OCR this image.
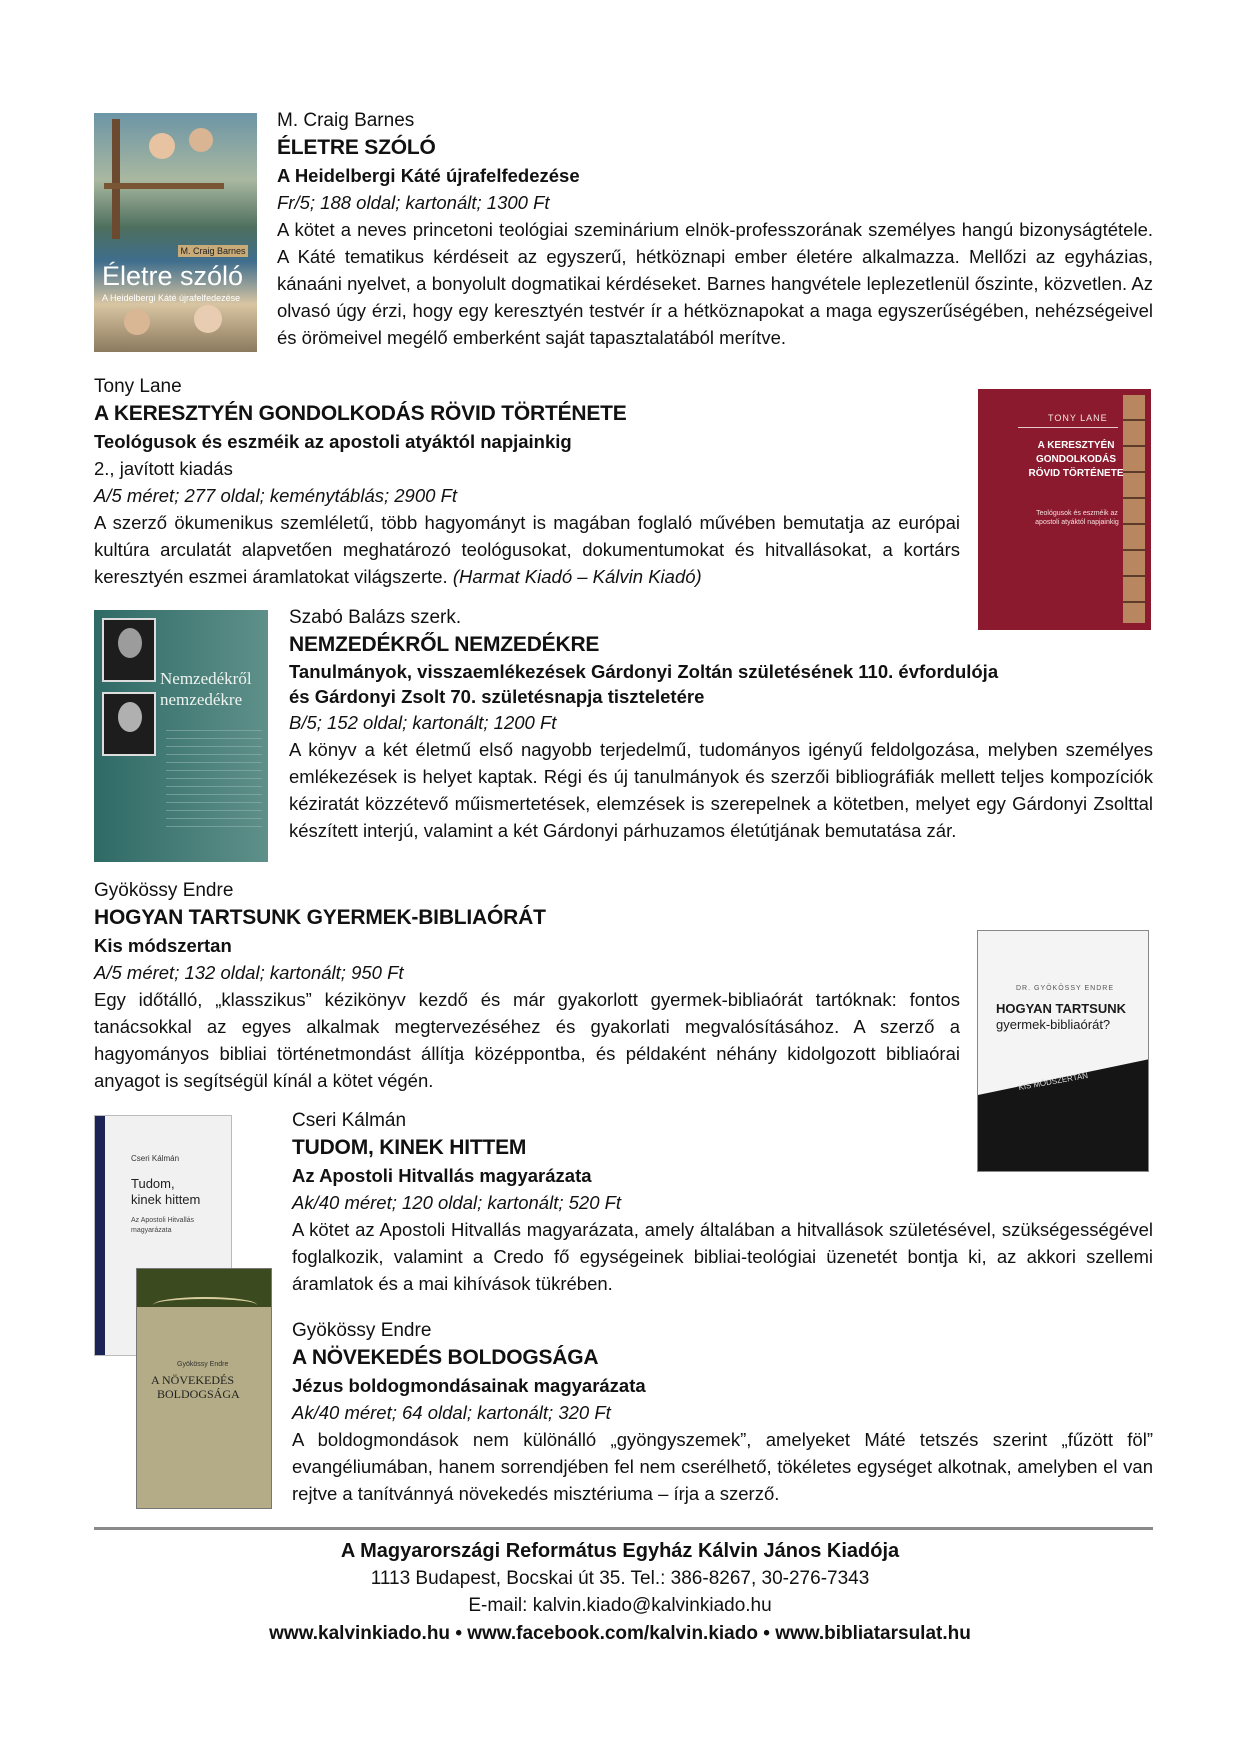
M. Craig Barnes
Életre szóló
A Heidelbergi Káté újrafelfedezése
M. Craig Barnes
ÉLETRE SZÓLÓ
A Heidelbergi Káté újrafelfedezése
Fr/5; 188 oldal; kartonált; 1300 Ft
A kötet a neves princetoni teológiai szeminárium elnök-professzorának személyes hangú bizonyságtétele. A Káté tematikus kérdéseit az egyszerű, hétköznapi ember életére alkalmazza. Mellőzi az egyházias, kánaáni nyelvet, a bonyolult dogmatikai kérdéseket. Barnes hangvétele leplezetlenül őszinte, közvetlen. Az olvasó úgy érzi, hogy egy keresztyén testvér ír a hétköznapokat a maga egyszerűségében, nehézségeivel és örömeivel megélő emberként saját tapasztalatából merítve.
Tony Lane
A KERESZTYÉN GONDOLKODÁS RÖVID TÖRTÉNETE
Teológusok és eszméik az apostoli atyáktól napjainkig
2., javított kiadás
A/5 méret; 277 oldal; keménytáblás; 2900 Ft
A szerző ökumenikus szemléletű, több hagyományt is magában foglaló művében bemutatja az európai kultúra arculatát alapvetően meghatározó teológusokat, dokumentumokat és hitvallásokat, a kortárs keresztyén eszmei áramlatokat világszerte. (Harmat Kiadó – Kálvin Kiadó)
TONY LANE
A KERESZTYÉN GONDOLKODÁS RÖVID TÖRTÉNETE
Teológusok és eszméik az apostoli atyáktól napjainkig
Nemzedékről nemzedékre
Szabó Balázs szerk.
NEMZEDÉKRŐL NEMZEDÉKRE
Tanulmányok, visszaemlékezések Gárdonyi Zoltán születésének 110. évfordulója és Gárdonyi Zsolt 70. születésnapja tiszteletére
B/5; 152 oldal; kartonált; 1200 Ft
A könyv a két életmű első nagyobb terjedelmű, tudományos igényű feldolgozása, melyben személyes emlékezések is helyet kaptak. Régi és új tanulmányok és szerzői bibliográfiák mellett teljes kompozíciók kéziratát közzétevő műismertetések, elemzések is szerepelnek a kötetben, melyet egy Gárdonyi Zsolttal készített interjú, valamint a két Gárdonyi párhuzamos életútjának bemutatása zár.
Gyökössy Endre
HOGYAN TARTSUNK GYERMEK-BIBLIAÓRÁT
Kis módszertan
A/5 méret; 132 oldal; kartonált; 950 Ft
Egy időtálló, „klasszikus” kézikönyv kezdő és már gyakorlott gyermek-bibliaórát tartóknak: fontos tanácsokkal az egyes alkalmak megtervezéséhez és gyakorlati megvalósításához. A szerző a hagyományos bibliai történetmondást állítja középpontba, és példaként néhány kidolgozott bibliaórai anyagot is segítségül kínál a kötet végén.
DR. GYÖKÖSSY ENDRE
HOGYAN TARTSUNK
gyermek-bibliaórát?
KIS MÓDSZERTAN
Cseri Kálmán
Tudom,
kinek hittem
Az Apostoli Hitvallás magyarázata
Gyökössy Endre
A NÖVEKEDÉS
BOLDOGSÁGA
Cseri Kálmán
TUDOM, KINEK HITTEM
Az Apostoli Hitvallás magyarázata
Ak/40 méret; 120 oldal; kartonált; 520 Ft
A kötet az Apostoli Hitvallás magyarázata, amely általában a hitvallások születésével, szükségességével foglalkozik, valamint a Credo fő egységeinek bibliai-teológiai üzenetét bontja ki, az akkori szellemi áramlatok és a mai kihívások tükrében.
Gyökössy Endre
A NÖVEKEDÉS BOLDOGSÁGA
Jézus boldogmondásainak magyarázata
Ak/40 méret; 64 oldal; kartonált; 320 Ft
A boldogmondások nem különálló „gyöngyszemek”, amelyeket Máté tetszés szerint „fűzött föl” evangéliumában, hanem sorrendjében fel nem cserélhető, tökéletes egységet alkotnak, amelyben el van rejtve a tanítvánnyá növekedés misztériuma – írja a szerző.
A Magyarországi Református Egyház Kálvin János Kiadója
1113 Budapest, Bocskai út 35. Tel.: 386-8267, 30-276-7343
E-mail: kalvin.kiado@kalvinkiado.hu
www.kalvinkiado.hu • www.facebook.com/kalvin.kiado • www.bibliatarsulat.hu
